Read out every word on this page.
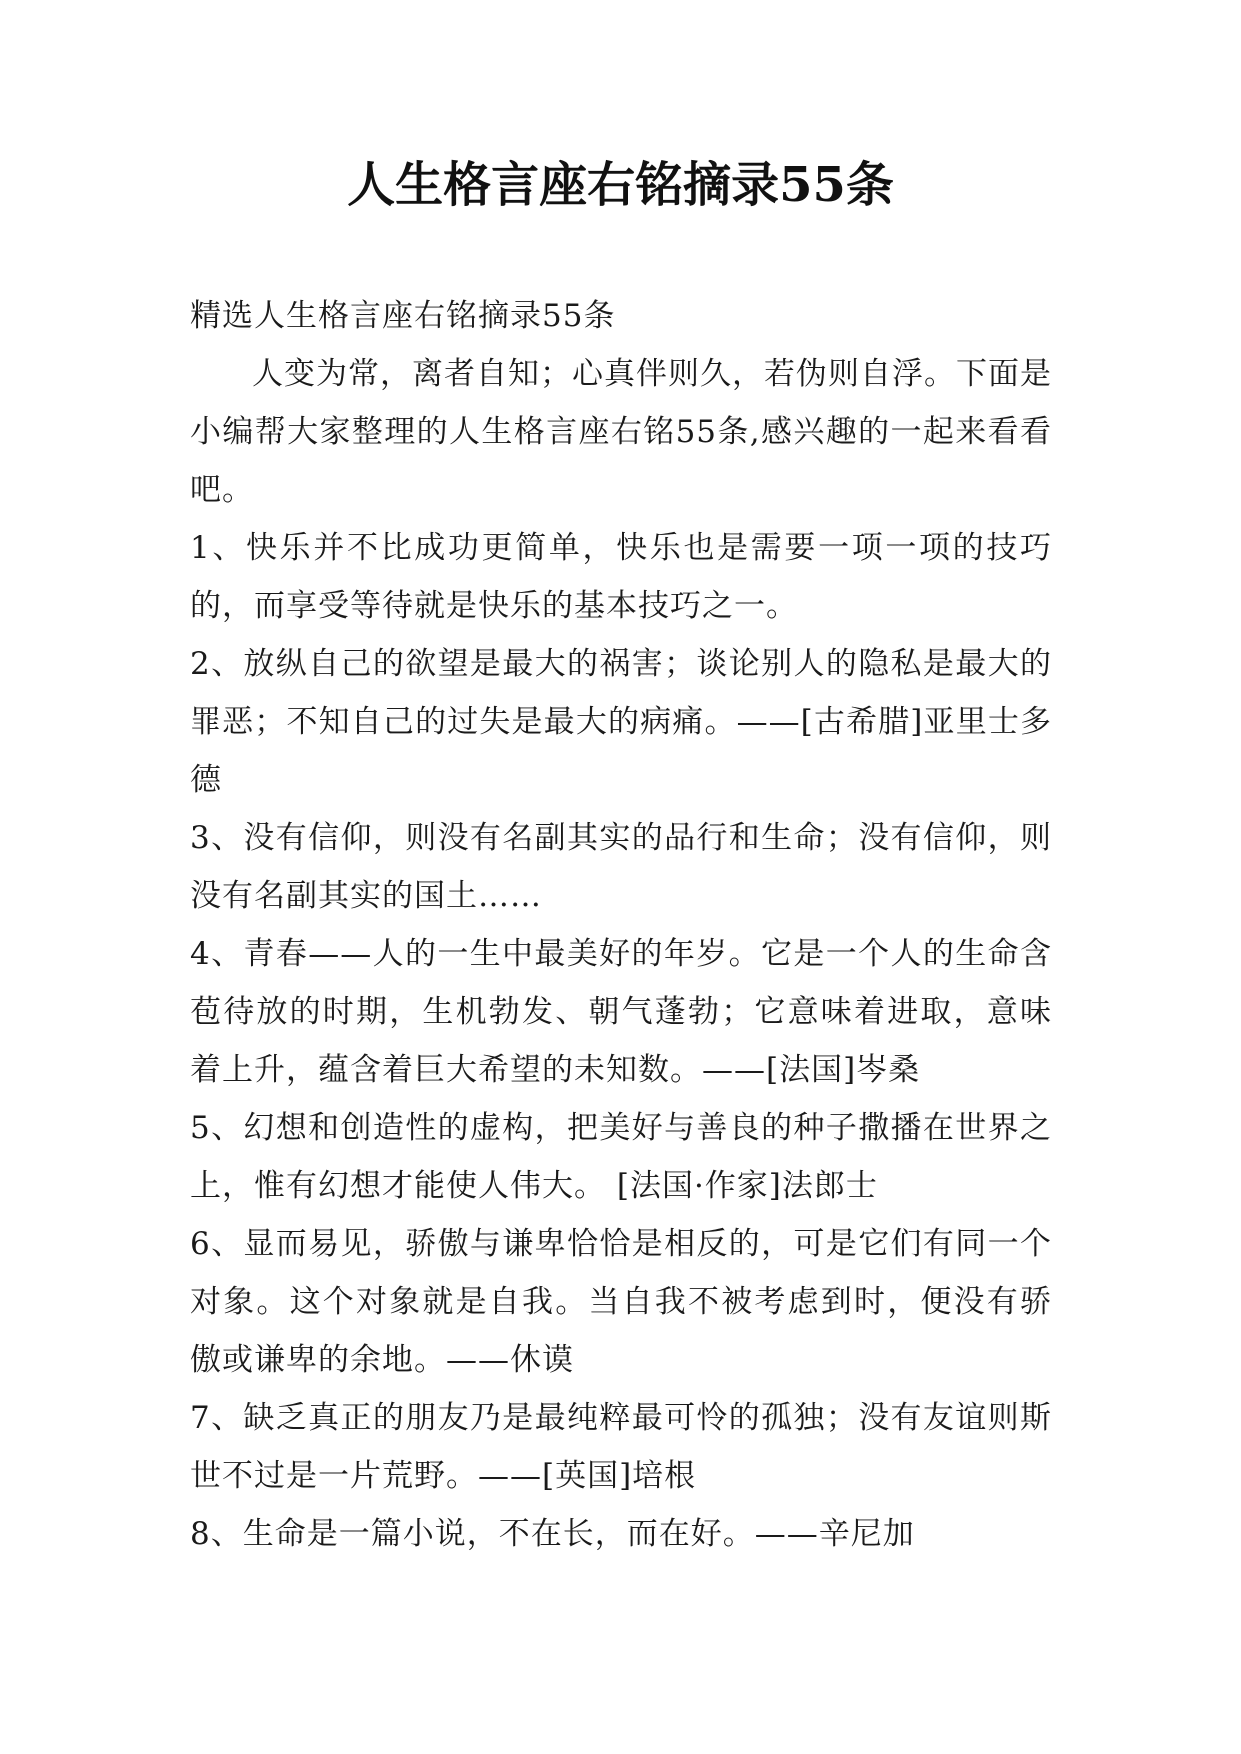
人生格言座右铭摘录55条

精选人生格言座右铭摘录55条

人变为常，离者自知；心真伴则久，若伪则自浮。下面是小编帮大家整理的人生格言座右铭55条,感兴趣的一起来看看吧。

1、快乐并不比成功更简单，快乐也是需要一项一项的技巧的，而享受等待就是快乐的基本技巧之一。

2、放纵自己的欲望是最大的祸害；谈论别人的隐私是最大的罪恶；不知自己的过失是最大的病痛。——[古希腊]亚里士多德

3、没有信仰，则没有名副其实的品行和生命；没有信仰，则没有名副其实的国土……

4、青春——人的一生中最美好的年岁。它是一个人的生命含苞待放的时期，生机勃发、朝气蓬勃；它意味着进取，意味着上升，蕴含着巨大希望的未知数。——[法国]岑桑

5、幻想和创造性的虚构，把美好与善良的种子撒播在世界之上，惟有幻想才能使人伟大。 [法国·作家]法郎士

6、显而易见，骄傲与谦卑恰恰是相反的，可是它们有同一个对象。这个对象就是自我。当自我不被考虑到时，便没有骄傲或谦卑的余地。——休谟

7、缺乏真正的朋友乃是最纯粹最可怜的孤独；没有友谊则斯世不过是一片荒野。——[英国]培根

8、生命是一篇小说，不在长，而在好。——辛尼加
